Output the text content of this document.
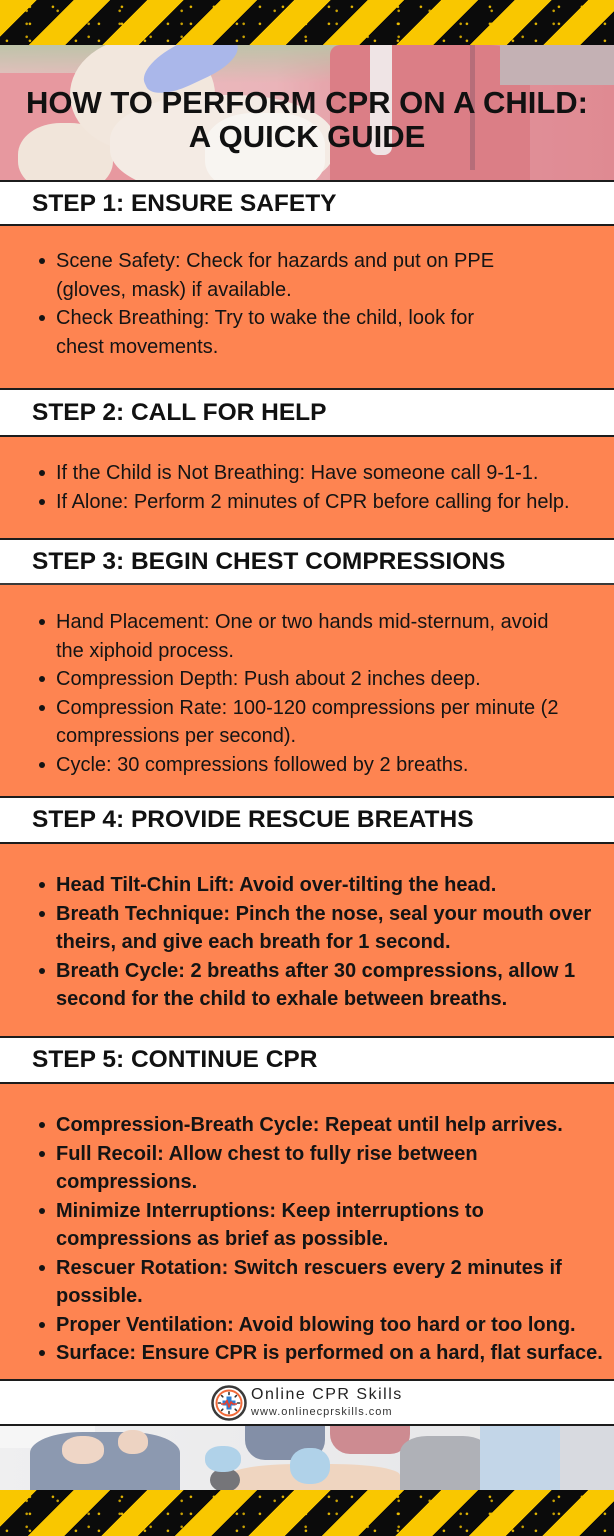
HOW TO PERFORM CPR ON A CHILD:
A QUICK GUIDE
STEP 1: ENSURE SAFETY
Scene Safety: Check for hazards and put on PPE (gloves, mask) if available.
Check Breathing: Try to wake the child, look for chest movements.
STEP 2: CALL FOR HELP
If the Child is Not Breathing: Have someone call 9-1-1.
If Alone: Perform 2 minutes of CPR before calling for help.
STEP 3: BEGIN CHEST COMPRESSIONS
Hand Placement: One or two hands mid-sternum, avoid the xiphoid process.
Compression Depth: Push about 2 inches deep.
Compression Rate: 100-120 compressions per minute (2 compressions per second).
Cycle: 30 compressions followed by 2 breaths.
STEP 4: PROVIDE RESCUE BREATHS
Head Tilt-Chin Lift: Avoid over-tilting the head.
Breath Technique: Pinch the nose, seal your mouth over theirs, and give each breath for 1 second.
Breath Cycle: 2 breaths after 30 compressions, allow 1 second for the child to exhale between breaths.
STEP 5: CONTINUE CPR
Compression-Breath Cycle: Repeat until help arrives.
Full Recoil: Allow chest to fully rise between compressions.
Minimize Interruptions: Keep interruptions to compressions as brief as possible.
Rescuer Rotation: Switch rescuers every 2 minutes if possible.
Proper Ventilation: Avoid blowing too hard or too long.
Surface: Ensure CPR is performed on a hard, flat surface.
Online CPR Skills
www.onlinecprskills.com
